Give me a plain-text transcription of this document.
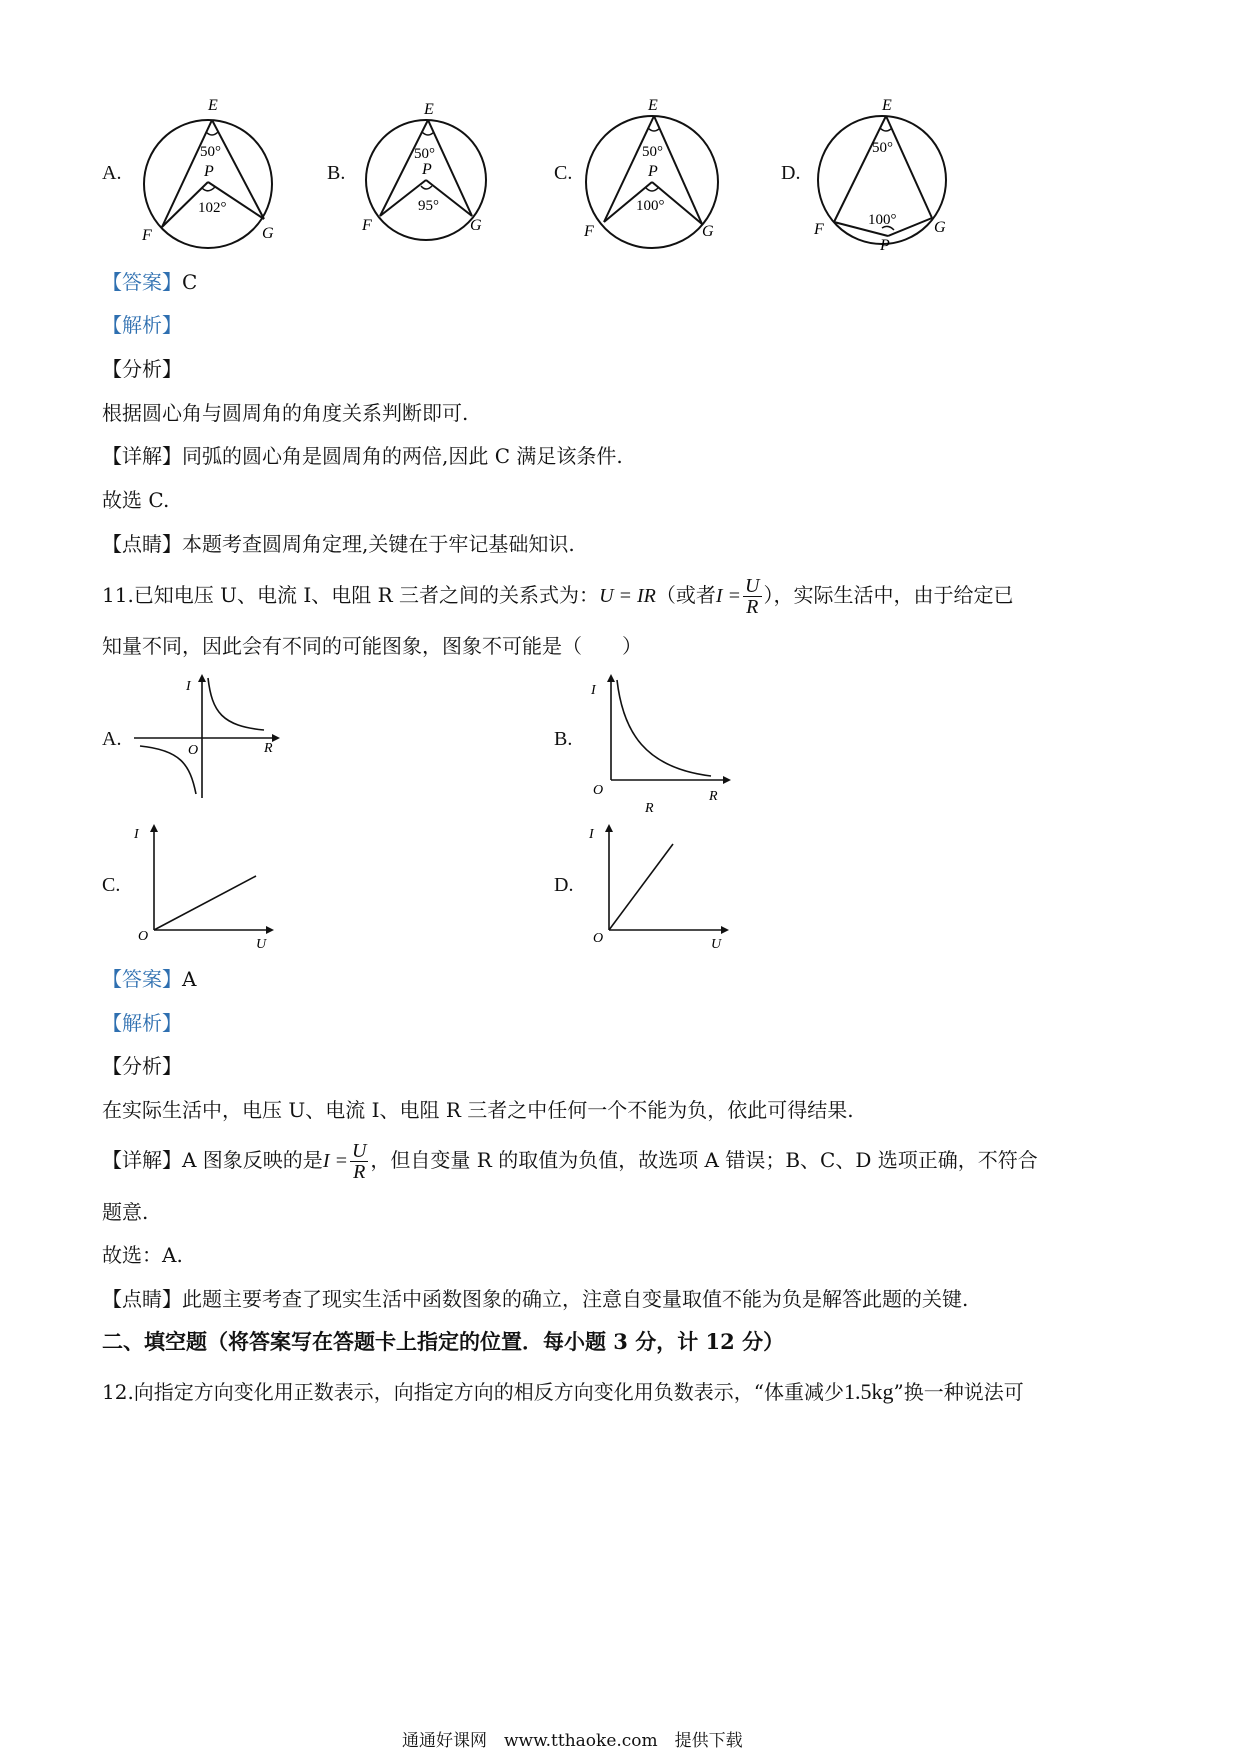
A.
E
F	G
P
50°
102°
B.
E
F	G
P
50°
95°
C.
E
F	G
P
50°
100°
D.
E
F	G
P
50°
100°
【答案】C
【解析】
【分析】
根据圆心角与圆周角的角度关系判断即可.
【详解】同弧的圆心角是圆周角的两倍,因此 C 满足该条件.
故选 C.
【点睛】本题考查圆周角定理,关键在于牢记基础知识.
11.已知电压 U、电流 I、电阻 R 三者之间的关系式为：U = IR（或者$I = \frac{U}{R}$ ），实际生活中，由于给定已
知量不同，因此会有不同的可能图象，图象不可能是（　　）
A.
I
R
O
B.
I
R
O
R
C.
I
U
O
D.
I
U
O
【答案】A
【解析】
【分析】
在实际生活中，电压 U、电流 I、电阻 R 三者之中任何一个不能为负，依此可得结果.
【详解】A 图象反映的是$I = \frac{U}{R}$ ，但自变量 R 的取值为负值，故选项 A 错误；B、C、D 选项正确，不符合
题意.
故选：A.
【点睛】此题主要考查了现实生活中函数图象的确立，注意自变量取值不能为负是解答此题的关键.
二、填空题（将答案写在答题卡上指定的位置．每小题 3 分，计 12 分）
12.向指定方向变化用正数表示，向指定方向的相反方向变化用负数表示，“体重减少1.5kg”换一种说法可
通通好课网　www.tthaoke.com　提供下载
